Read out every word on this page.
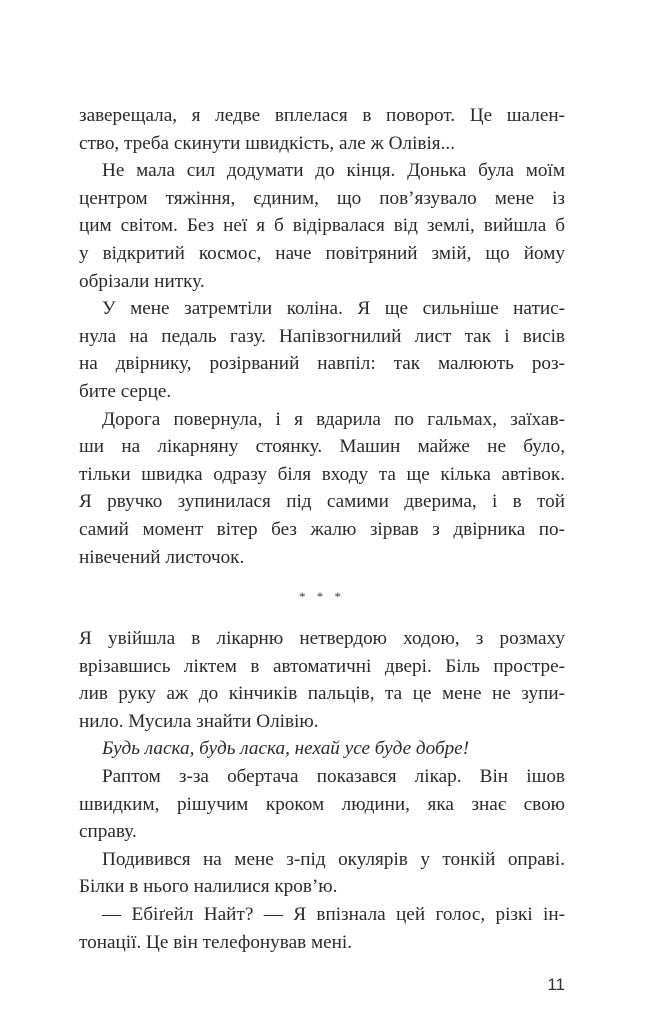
заверещала, я ледве вплелася в поворот. Це шален-
ство, треба скинути швидкість, але ж Олівія...
Не мала сил додумати до кінця. Донька була моїм
центром тяжіння, єдиним, що пов’язувало мене із
цим світом. Без неї я б відірвалася від землі, вийшла б
у відкритий космос, наче повітряний змій, що йому
обрізали нитку.
У мене затремтіли коліна. Я ще сильніше натис-
нула на педаль газу. Напівзогнилий лист так і висів
на двірнику, розірваний навпіл: так малюють роз-
бите серце.
Дорога повернула, і я вдарила по гальмах, заїхав-
ши на лікарняну стоянку. Машин майже не було,
тільки швидка одразу біля входу та ще кілька автівок.
Я рвучко зупинилася під самими дверима, і в той
самий момент вітер без жалю зірвав з двірника по-
нівечений листочок.
* * *
Я увійшла в лікарню нетвердою ходою, з розмаху
врізавшись ліктем в автоматичні двері. Біль простре-
лив руку аж до кінчиків пальців, та це мене не зупи-
нило. Мусила знайти Олівію.
Будь ласка, будь ласка, нехай усе буде добре!
Раптом з-за обертача показався лікар. Він ішов
швидким, рішучим кроком людини, яка знає свою
справу.
Подивився на мене з-під окулярів у тонкій оправі.
Білки в нього налилися кров’ю.
— Ебіґейл Найт? — Я впізнала цей голос, різкі ін-
тонації. Це він телефонував мені.
11
